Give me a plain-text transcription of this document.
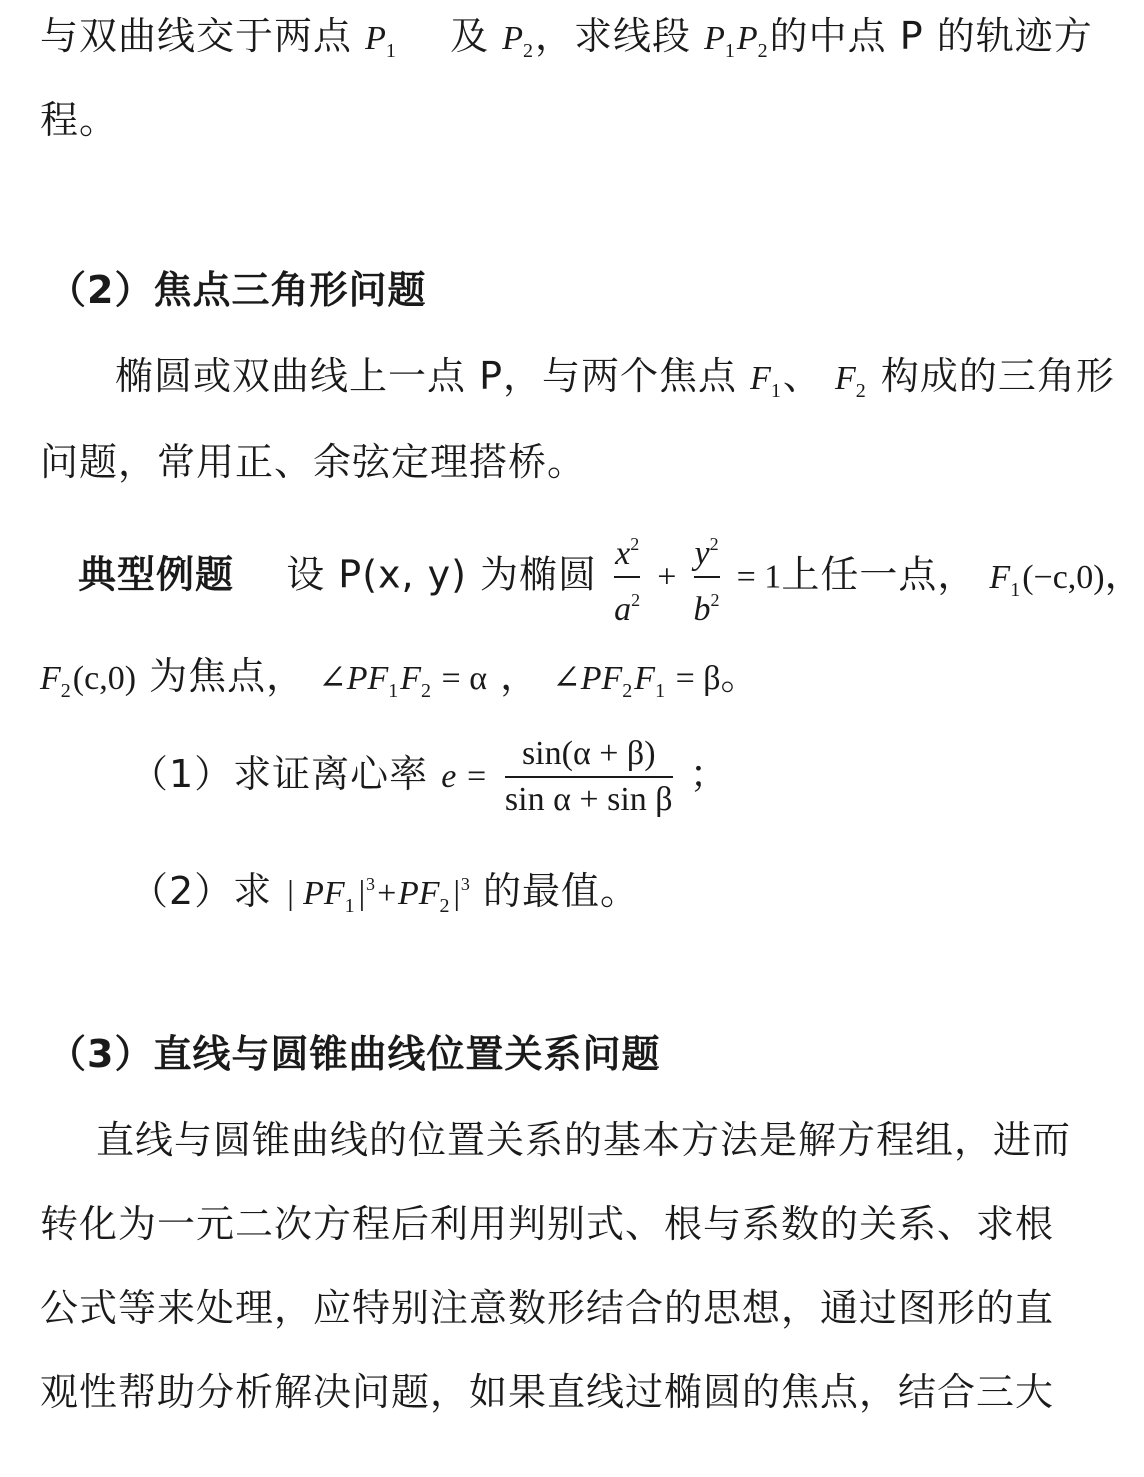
与双曲线交于两点 $P_1$ 及 $P_2$，求线段 $P_1P_2$的中点 P 的轨迹方
程。
（2）焦点三角形问题
椭圆或双曲线上一点 P，与两个焦点 $F_1$、 $F_2$ 构成的三角形
问题，常用正、余弦定理搭桥。
典型例题 设 P(x, y) 为椭圆 $\frac{x^2}{a^2} + \frac{y^2}{b^2} = 1$上任一点， $F_1(-c,0)$，
$F_2(c,0)$ 为焦点， $\angle PF_1F_2 = \alpha$ ， $\angle PF_2F_1 = \beta$。
（1）求证离心率 $e = \frac{\sin(\alpha + \beta)}{\text{sin α + sin β}}$ ；
（2）求 | $PF_1|^3+PF_2|^3$ 的最值。
（3）直线与圆锥曲线位置关系问题
直线与圆锥曲线的位置关系的基本方法是解方程组，进而
转化为一元二次方程后利用判别式、根与系数的关系、求根
公式等来处理，应特别注意数形结合的思想，通过图形的直
观性帮助分析解决问题，如果直线过椭圆的焦点，结合三大
